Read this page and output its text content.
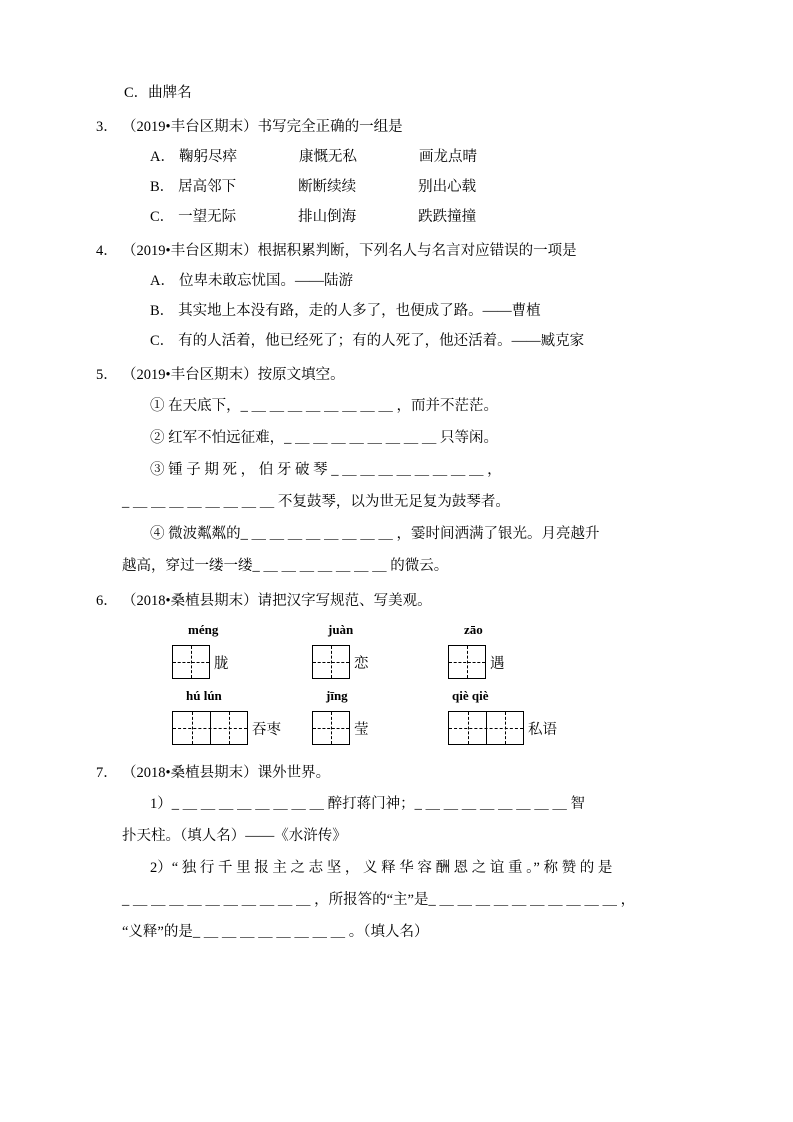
C．曲牌名
3． （2019•丰台区期末）书写完全正确的一组是
A． 鞠躬尽瘁	康慨无私	画龙点晴
B． 居高邻下	断断续续	别出心载
C． 一望无际	排山倒海	跌跌撞撞
4． （2019•丰台区期末）根据积累判断，下列名人与名言对应错误的一项是
A． 位卑未敢忘忧国。——陆游
B． 其实地上本没有路，走的人多了，也便成了路。——曹植
C． 有的人活着，他已经死了；有的人死了，他还活着。——臧克家
5． （2019•丰台区期末）按原文填空。
① 在天底下，_ ＿ ＿ ＿ ＿ ＿ ＿ ＿ ＿ ，而并不茫茫。
② 红军不怕远征难，_ ＿ ＿ ＿ ＿ ＿ ＿ ＿ ＿ 只等闲。
③ 锺 子 期 死 ， 伯 牙 破 琴 _ ＿ ＿ ＿ ＿ ＿ ＿ ＿ ＿ ，
_ ＿ ＿ ＿ ＿ ＿ ＿ ＿ ＿ 不复鼓琴，以为世无足复为鼓琴者。
④ 微波粼粼的_ ＿ ＿ ＿ ＿ ＿ ＿ ＿ ＿ ，霎时间洒满了银光。月亮越升
越高，穿过一缕一缕_ ＿ ＿ ＿ ＿ ＿ ＿ ＿ 的微云。
6． （2018•桑植县期末）请把汉字写规范、写美观。
méng	juàn	zāo
胧	恋	遇
hú lún	jīng	qiè qiè
吞枣	莹	私语
7． （2018•桑植县期末）课外世界。
1）_ ＿ ＿ ＿ ＿ ＿ ＿ ＿ ＿ 醉打蒋门神；_ ＿ ＿ ＿ ＿ ＿ ＿ ＿ ＿ 智
扑天柱。（填人名）——《水浒传》
2）“ 独 行 千 里 报 主 之 志 坚 ， 义 释 华 容 酬 恩 之 谊 重 。” 称 赞 的 是
_ ＿ ＿ ＿ ＿ ＿ ＿ ＿ ＿ ＿ ＿ ，所报答的“主”是_ ＿ ＿ ＿ ＿ ＿ ＿ ＿ ＿ ＿ ＿ ，
“义释”的是_ ＿ ＿ ＿ ＿ ＿ ＿ ＿ ＿ 。（填人名）
